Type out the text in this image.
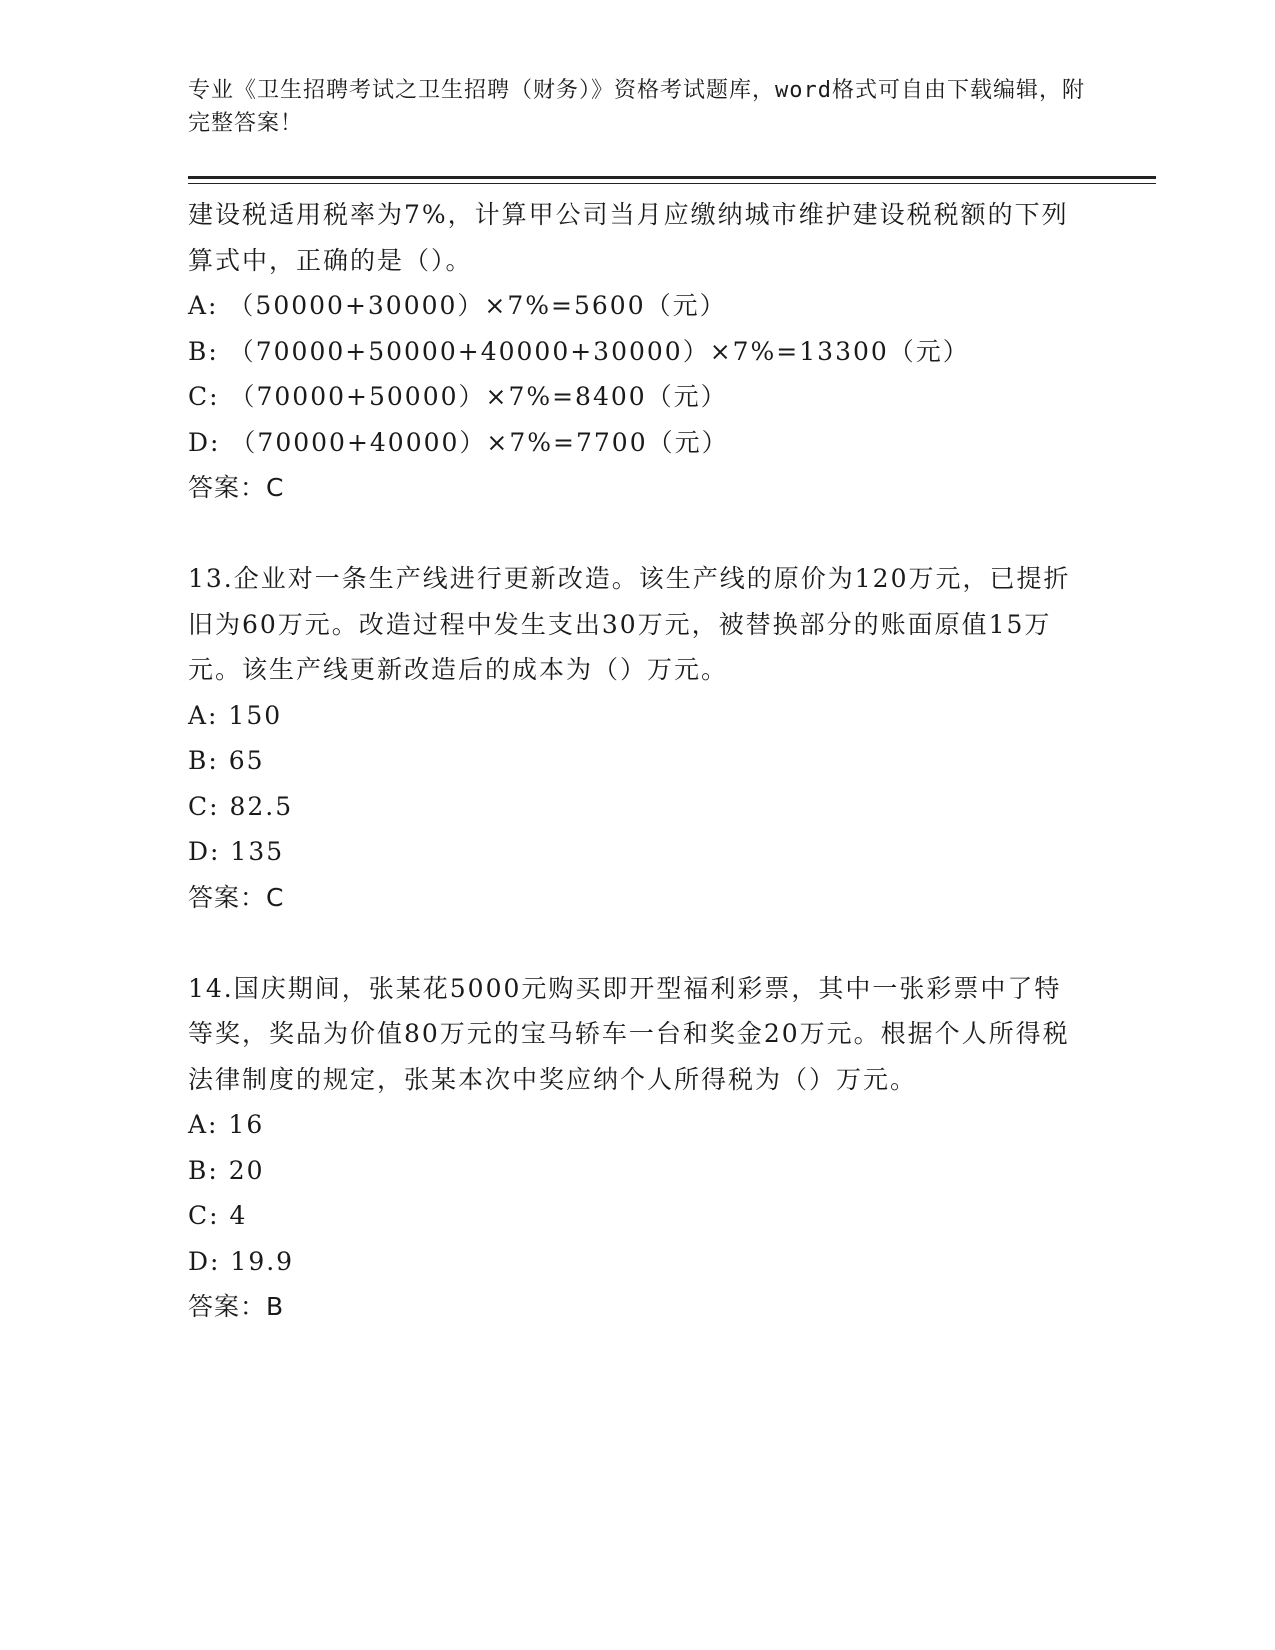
专业《卫生招聘考试之卫生招聘（财务）》资格考试题库，word格式可自由下载编辑，附完整答案！

建设税适用税率为7%，计算甲公司当月应缴纳城市维护建设税税额的下列算式中，正确的是（）。

A: （50000+30000）×7%=5600（元）

B: （70000+50000+40000+30000）×7%=13300（元）

C: （70000+50000）×7%=8400（元）

D: （70000+40000）×7%=7700（元）

答案：C

13.企业对一条生产线进行更新改造。该生产线的原价为120万元，已提折旧为60万元。改造过程中发生支出30万元，被替换部分的账面原值15万元。该生产线更新改造后的成本为（）万元。

A: 150

B: 65

C: 82.5

D: 135

答案：C

14.国庆期间，张某花5000元购买即开型福利彩票，其中一张彩票中了特等奖，奖品为价值80万元的宝马轿车一台和奖金20万元。根据个人所得税法律制度的规定，张某本次中奖应纳个人所得税为（）万元。

A: 16

B: 20

C: 4

D: 19.9

答案：B
